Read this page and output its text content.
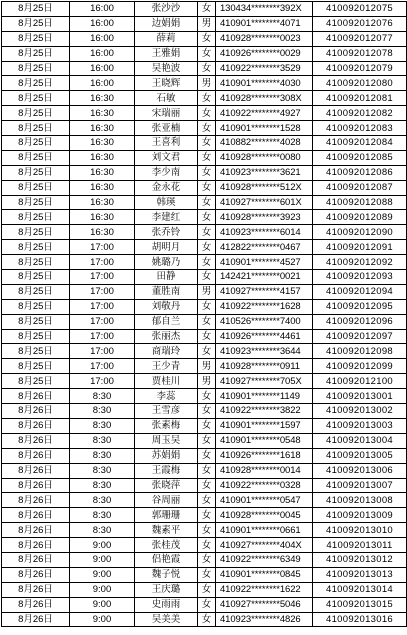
8月25日	16:00	张沙沙	女	130434********392X	410092012075
8月25日	16:00	边娟娟	男	410901********4071	410092012076
8月25日	16:00	薛莉	女	410928********0023	410092012077
8月25日	16:00	王雅娟	女	410926********0029	410092012078
8月25日	16:00	吴艳波	女	410922********3529	410092012079
8月25日	16:00	王晓辉	男	410901********4030	410092012080
8月25日	16:30	石敏	女	410928********308X	410092012081
8月25日	16:30	宋瑞丽	女	410922********4927	410092012082
8月25日	16:30	张亚楠	女	410901********1528	410092012083
8月25日	16:30	王喜利	女	410882********4028	410092012084
8月25日	16:30	刘文君	女	410928********0080	410092012085
8月25日	16:30	李少南	女	410923********3621	410092012086
8月25日	16:30	金永花	女	410928********512X	410092012087
8月25日	16:30	韩瑛	女	410927********601X	410092012088
8月25日	16:30	李建红	女	410928********3923	410092012089
8月25日	16:30	张乔铃	女	410923********6014	410092012090
8月25日	17:00	胡明月	女	412822********0467	410092012091
8月25日	17:00	姚璐乃	女	410901********4527	410092012092
8月25日	17:00	田静	女	142421********0021	410092012093
8月25日	17:00	董胜南	男	410927********4157	410092012094
8月25日	17:00	刘敬丹	女	410922********1628	410092012095
8月25日	17:00	郁自兰	女	410526********7400	410092012096
8月25日	17:00	张丽杰	女	410926********4461	410092012097
8月25日	17:00	商瑞玲	女	410923********3644	410092012098
8月25日	17:00	王少青	男	410928********0911	410092012099
8月25日	17:00	贾桂川	男	410927********705X	410092012100
8月26日	8:30	李蕊	女	410901********1149	410092013001
8月26日	8:30	王雪彦	女	410922********3822	410092013002
8月26日	8:30	张素梅	女	410901********1597	410092013003
8月26日	8:30	周玉吴	女	410901********0548	410092013004
8月26日	8:30	苏娟娟	女	410926********1618	410092013005
8月26日	8:30	王霞梅	女	410928********0014	410092013006
8月26日	8:30	张晓萍	女	410922********0328	410092013007
8月26日	8:30	谷周丽	女	410901********0547	410092013008
8月26日	8:30	郭珊珊	女	410928********0045	410092013009
8月26日	8:30	魏素平	女	410901********0661	410092013010
8月26日	9:00	张桂茂	女	410927********404X	410092013011
8月26日	9:00	侣艳霞	女	410922********6349	410092013012
8月26日	9:00	魏子悦	女	410901********0845	410092013013
8月26日	9:00	王庆璐	女	410922********1622	410092013014
8月26日	9:00	史雨雨	女	410927********5046	410092013015
8月26日	9:00	吴美美	女	410923********4826	410092013016
